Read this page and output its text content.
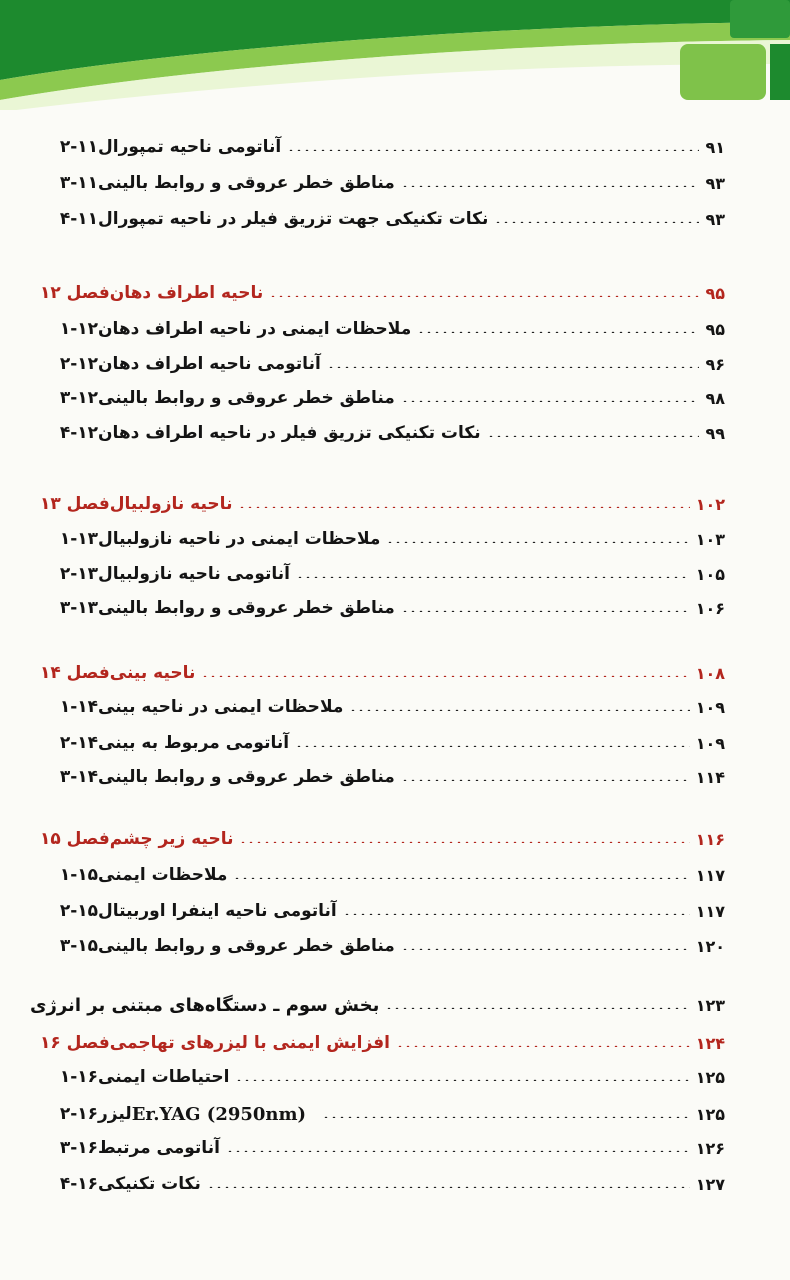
۲-۱۱ آناتومی ناحیه تمپورال	۹۱
۳-۱۱ مناطق خطر عروقی و روابط بالینی	۹۳
۴-۱۱ نکات تکنیکی جهت تزریق فیلر در ناحیه تمپورال	۹۳
فصل ۱۲ ناحیه اطراف دهان	۹۵
۱-۱۲ ملاحظات ایمنی در ناحیه اطراف دهان	۹۵
۲-۱۲ آناتومی ناحیه اطراف دهان	۹۶
۳-۱۲ مناطق خطر عروقی و روابط بالینی	۹۸
۴-۱۲ نکات تکنیکی تزریق فیلر در ناحیه اطراف دهان	۹۹
فصل ۱۳ ناحیه نازولبیال	۱۰۲
۱-۱۳ ملاحظات ایمنی در ناحیه نازولبیال	۱۰۳
۲-۱۳ آناتومی ناحیه نازولبیال	۱۰۵
۳-۱۳ مناطق خطر عروقی و روابط بالینی	۱۰۶
فصل ۱۴ ناحیه بینی	۱۰۸
۱-۱۴ ملاحظات ایمنی در ناحیه بینی	۱۰۹
۲-۱۴ آناتومی مربوط به بینی	۱۰۹
۳-۱۴ مناطق خطر عروقی و روابط بالینی	۱۱۴
فصل ۱۵ ناحیه زیر چشم	۱۱۶
۱-۱۵ ملاحظات ایمنی	۱۱۷
۲-۱۵ آناتومی ناحیه اینفرا اوربیتال	۱۱۷
۳-۱۵ مناطق خطر عروقی و روابط بالینی	۱۲۰
بخش سوم ـ دستگاه‌های مبتنی بر انرژی	۱۲۳
فصل ۱۶ افزایش ایمنی با لیزرهای تهاجمی	۱۲۴
۱-۱۶ احتیاطات ایمنی	۱۲۵
۲-۱۶ لیزر Er.YAG (2950nm)	۱۲۵
۳-۱۶ آناتومی مرتبط	۱۲۶
۴-۱۶ نکات تکنیکی	۱۲۷
